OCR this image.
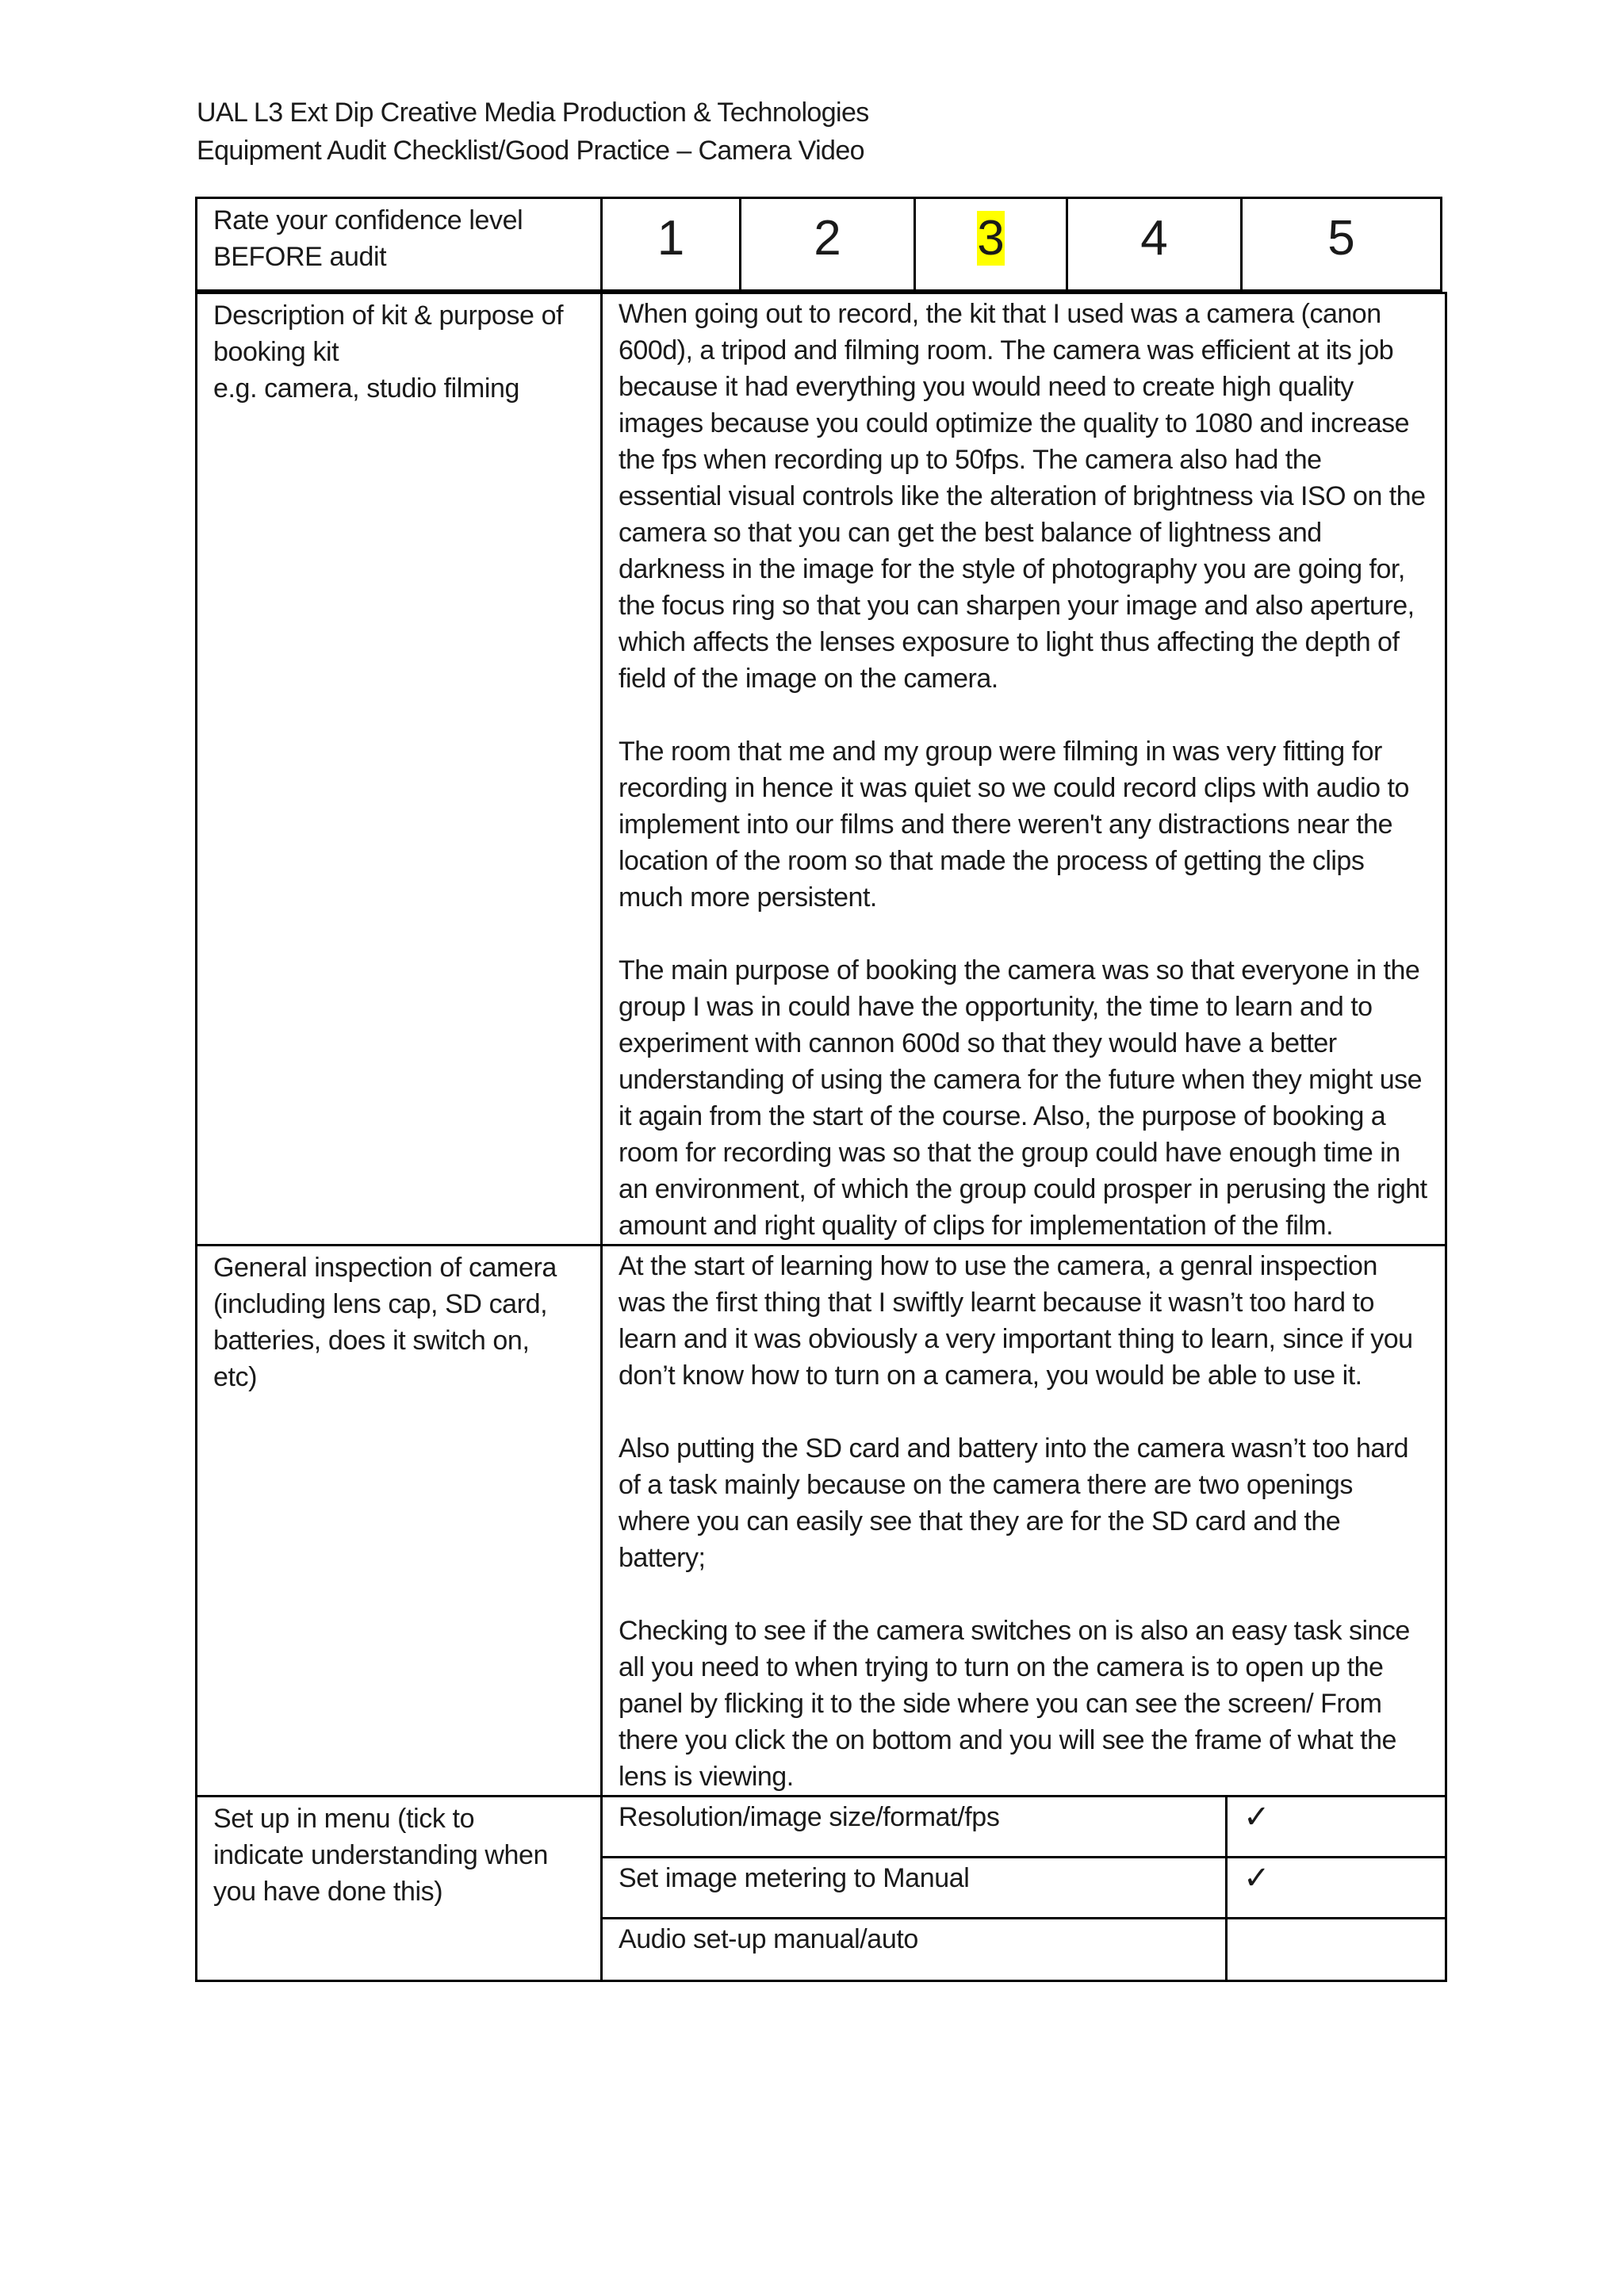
UAL L3 Ext Dip Creative Media Production & Technologies
Equipment Audit Checklist/Good Practice – Camera Video
Rate your confidence level
BEFORE audit	1	2	3	4	5
Description of kit & purpose of
booking kit
e.g. camera, studio filming

When going out to record, the kit that I used was a camera (canon 600d), a tripod and filming room. The camera was efficient at its job because it had everything you would need to create high quality images because you could optimize the quality to 1080 and increase the fps when recording up to 50fps. The camera also had the essential visual controls like the alteration of brightness via ISO on the camera so that you can get the best balance of lightness and darkness in the image for the style of photography you are going for, the focus ring so that you can sharpen your image and also aperture, which affects the lenses exposure to light thus affecting the depth of field of the image on the camera.

The room that me and my group were filming in was very fitting for recording in hence it was quiet so we could record clips with audio to implement into our films and there weren't any distractions near the location of the room so that made the process of getting the clips much more persistent.

The main purpose of booking the camera was so that everyone in the group I was in could have the opportunity, the time to learn and to experiment with cannon 600d so that they would have a better understanding of using the camera for the future when they might use it again from the start of the course. Also, the purpose of booking a room for recording was so that the group could have enough time in an environment, of which the group could prosper in perusing the right amount and right quality of clips for implementation of the film.

General inspection of camera
(including lens cap, SD card,
batteries, does it switch on,
etc)

At the start of learning how to use the camera, a genral inspection was the first thing that I swiftly learnt because it wasn’t too hard to learn and it was obviously a very important thing to learn, since if you don’t know how to turn on a camera, you would be able to use it.

Also putting the SD card and battery into the camera wasn’t too hard of a task mainly because on the camera there are two openings where you can easily see that they are for the SD card and the battery;

Checking to see if the camera switches on is also an easy task since all you need to when trying to turn on the camera is to open up the panel by flicking it to the side where you can see the screen/ From there you click the on bottom and you will see the frame of what the lens is viewing.

Set up in menu (tick to
indicate understanding when
you have done this)

Resolution/image size/format/fps	✓
Set image metering to Manual	✓
Audio set-up manual/auto	
